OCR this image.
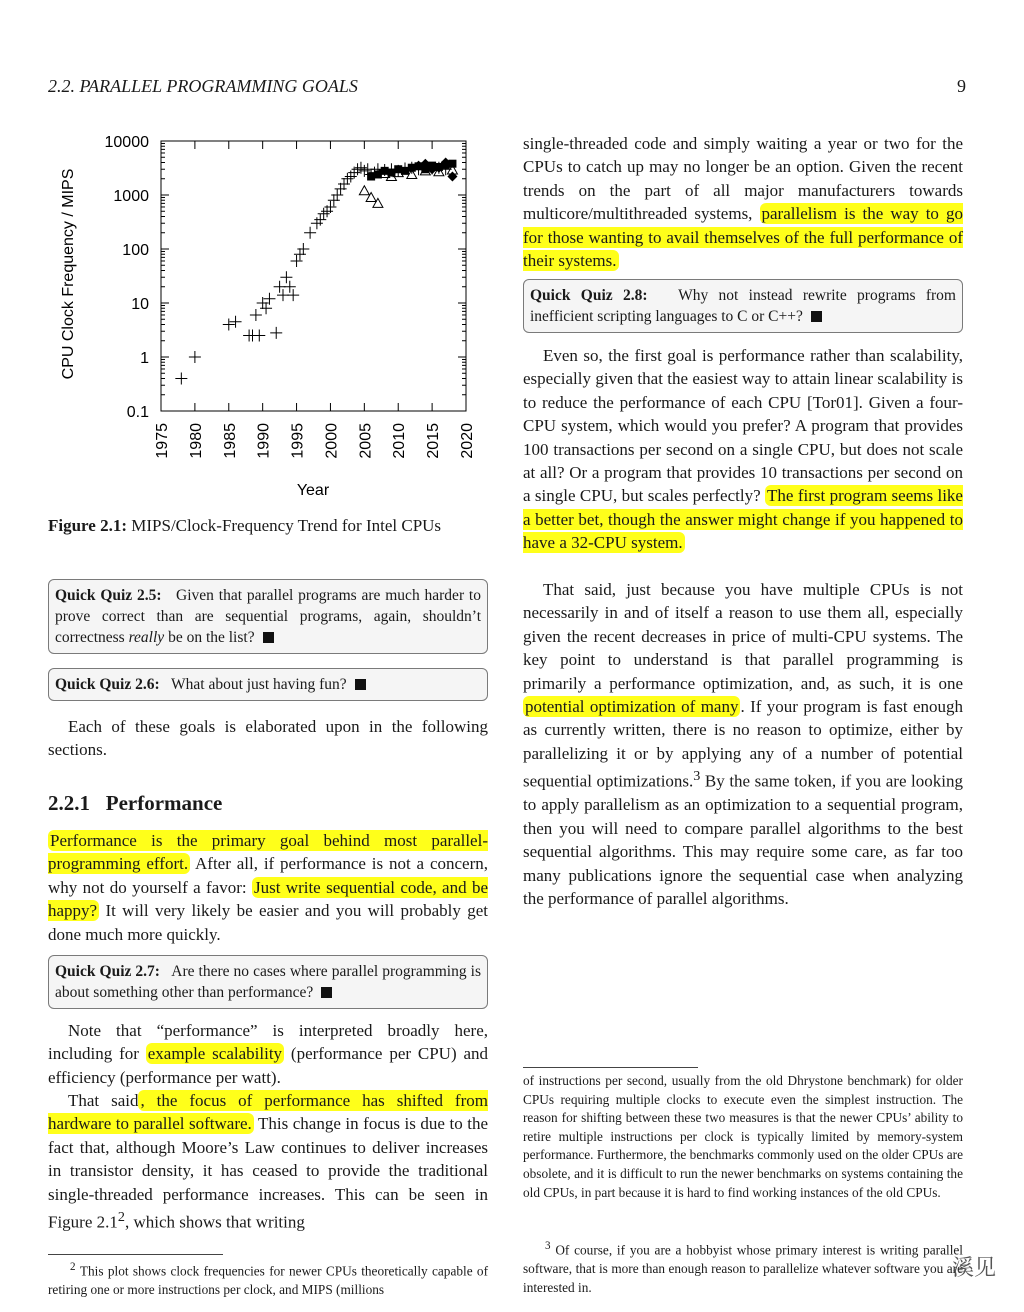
2.2. PARALLEL PROGRAMMING GOALS	9
0.1
1
10
100
1000
10000
1975 1980 1985 1990 1995 2000 2005 2010 2015 2020
CPU Clock Frequency / MIPS
Year
Figure 2.1: MIPS/Clock-Frequency Trend for Intel CPUs
Quick Quiz 2.5: Given that parallel programs are much harder to prove correct than are sequential programs, again, shouldn’t correctness really be on the list?
Quick Quiz 2.6: What about just having fun?

Each of these goals is elaborated upon in the following sections.

2.2.1 Performance

Performance is the primary goal behind most parallel-programming effort. After all, if performance is not a concern, why not do yourself a favor: Just write sequential code, and be happy? It will very likely be easier and you will probably get done much more quickly.

Quick Quiz 2.7: Are there no cases where parallel programming is about something other than performance?

Note that “performance” is interpreted broadly here, including for example scalability (performance per CPU) and efficiency (performance per watt).

That said , the focus of performance has shifted from hardware to parallel software. This change in focus is due to the fact that, although Moore’s Law continues to deliver increases in transistor density, it has ceased to provide the traditional single-threaded performance increases. This can be seen in Figure $2.1^2$, which shows that writing

$^2$ This plot shows clock frequencies for newer CPUs theoretically capable of retiring one or more instructions per clock, and MIPS (millions

single-threaded code and simply waiting a year or two for the CPUs to catch up may no longer be an option. Given the recent trends on the part of all major manufacturers towards multicore/multithreaded systems, parallelism is the way to go for those wanting to avail themselves of the full performance of their systems.

Quick Quiz 2.8: Why not instead rewrite programs from inefficient scripting languages to C or C++?

Even so, the first goal is performance rather than scalability, especially given that the easiest way to attain linear scalability is to reduce the performance of each CPU [Tor01]. Given a four-CPU system, which would you prefer? A program that provides 100 transactions per second on a single CPU, but does not scale at all? Or a program that provides 10 transactions per second on a single CPU, but scales perfectly? The first program seems like a better bet, though the answer might change if you happened to have a 32-CPU system.

That said, just because you have multiple CPUs is not necessarily in and of itself a reason to use them all, especially given the recent decreases in price of multi-CPU systems. The key point to understand is that parallel programming is primarily a performance optimization, and, as such, it is one potential optimization of many . If your program is fast enough as currently written, there is no reason to optimize, either by parallelizing it or by applying any of a number of potential sequential optimizations.$^3$ By the same token, if you are looking to apply parallelism as an optimization to a sequential program, then you will need to compare parallel algorithms to the best sequential algorithms. This may require some care, as far too many publications ignore the sequential case when analyzing the performance of parallel algorithms.

of instructions per second, usually from the old Dhrystone benchmark) for older CPUs requiring multiple clocks to execute even the simplest instruction. The reason for shifting between these two measures is that the newer CPUs’ ability to retire multiple instructions per clock is typically limited by memory-system performance. Furthermore, the benchmarks commonly used on the older CPUs are obsolete, and it is difficult to run the newer benchmarks on systems containing the old CPUs, in part because it is hard to find working instances of the old CPUs.

$^3$ Of course, if you are a hobbyist whose primary interest is writing parallel software, that is more than enough reason to parallelize whatever software you are interested in.

溪见
